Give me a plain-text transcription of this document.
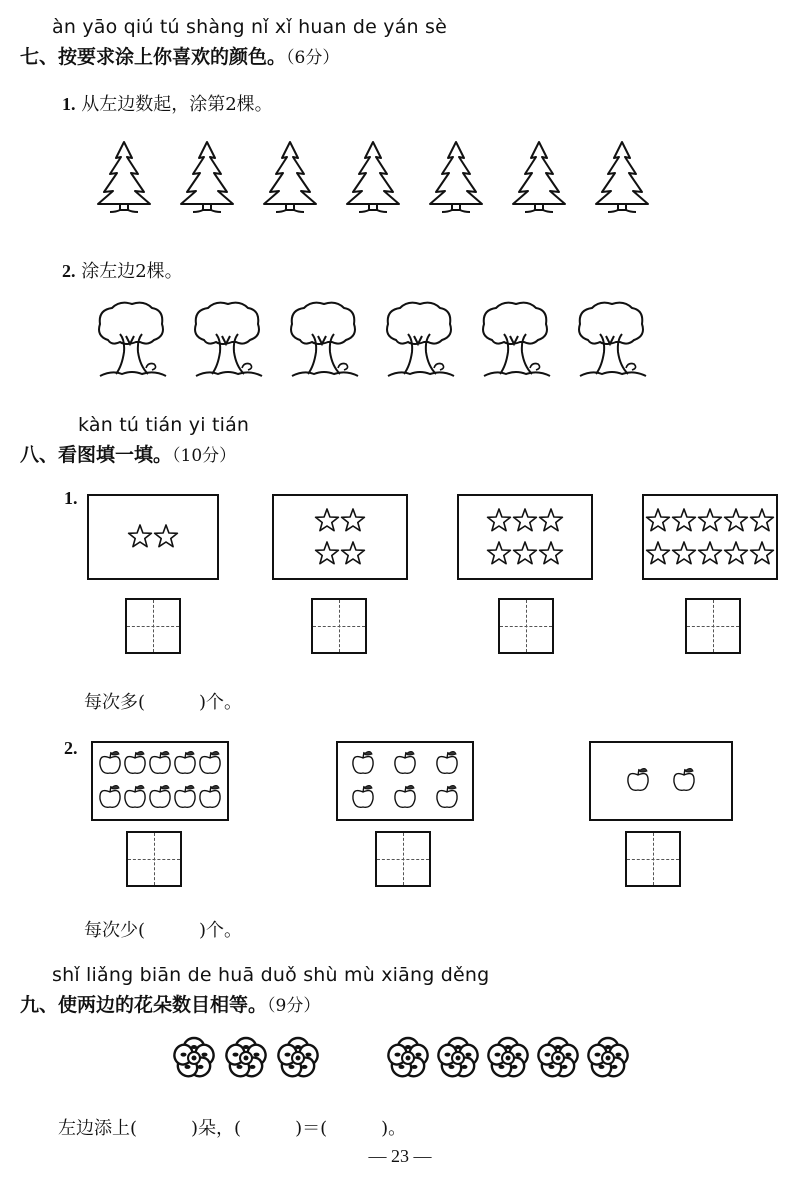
àn yāo qiú tú shàng nǐ xǐ huan de yán sè
七、按要求涂上你喜欢的颜色。（6分）
1. 从左边数起，涂第2棵。
2. 涂左边2棵。
kàn tú tián yi tián
八、看图填一填。（10分）
1.
每次多(　　　)个。
2.
每次少(　　　)个。
shǐ liǎng biān de huā duǒ shù mù xiāng děng
九、使两边的花朵数目相等。（9分）
左边添上(　　　)朵，(　　　)＝(　　　)。
— 23 —
